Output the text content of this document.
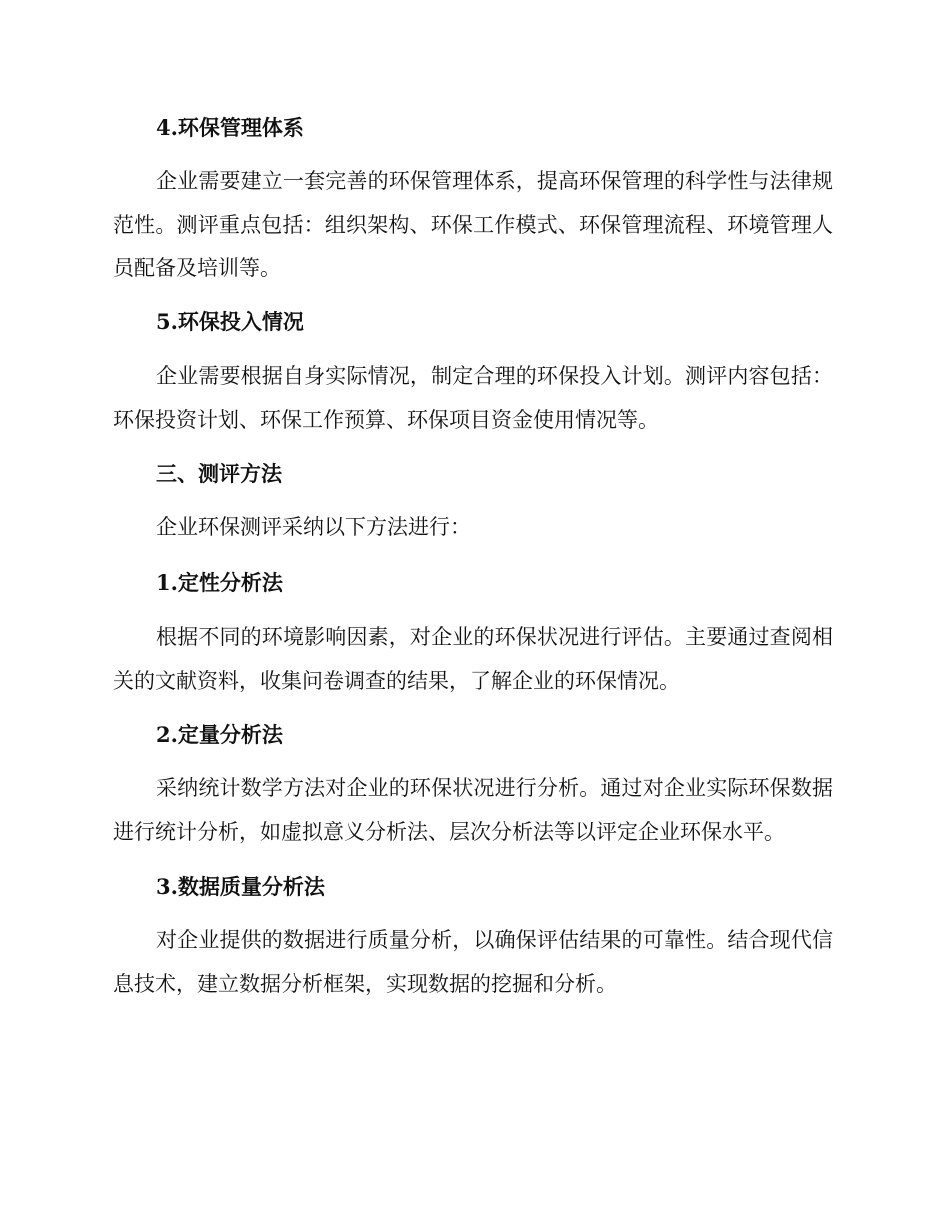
4.环保管理体系

企业需要建立一套完善的环保管理体系，提高环保管理的科学性与法律规范性。测评重点包括：组织架构、环保工作模式、环保管理流程、环境管理人员配备及培训等。

5.环保投入情况

企业需要根据自身实际情况，制定合理的环保投入计划。测评内容包括：环保投资计划、环保工作预算、环保项目资金使用情况等。

三、测评方法

企业环保测评采纳以下方法进行：

1.定性分析法

根据不同的环境影响因素，对企业的环保状况进行评估。主要通过查阅相关的文献资料，收集问卷调查的结果，了解企业的环保情况。

2.定量分析法

采纳统计数学方法对企业的环保状况进行分析。通过对企业实际环保数据进行统计分析，如虚拟意义分析法、层次分析法等以评定企业环保水平。

3.数据质量分析法

对企业提供的数据进行质量分析，以确保评估结果的可靠性。结合现代信息技术，建立数据分析框架，实现数据的挖掘和分析。
